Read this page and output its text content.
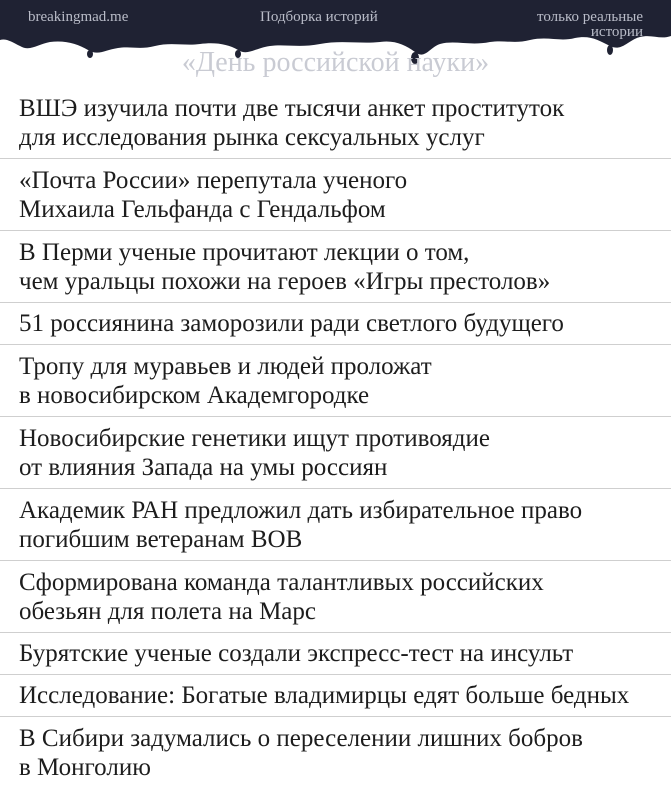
breakingmad.me	Подборка историй	только реальные
истории
«День российской науки»
ВШЭ изучила почти две тысячи анкет проституток
для исследования рынка сексуальных услуг
«Почта России» перепутала ученого
Михаила Гельфанда с Гендальфом
В Перми ученые прочитают лекции о том,
чем уральцы похожи на героев «Игры престолов»
51 россиянина заморозили ради светлого будущего
Тропу для муравьев и людей проложат
в новосибирском Академгородке
Новосибирские генетики ищут противоядие
от влияния Запада на умы россиян
Академик РАН предложил дать избирательное право
погибшим ветеранам ВОВ
Сформирована команда талантливых российских
обезьян для полета на Марс
Бурятские ученые создали экспресс-тест на инсульт
Исследование: Богатые владимирцы едят больше бедных
В Сибири задумались о переселении лишних бобров
в Монголию
